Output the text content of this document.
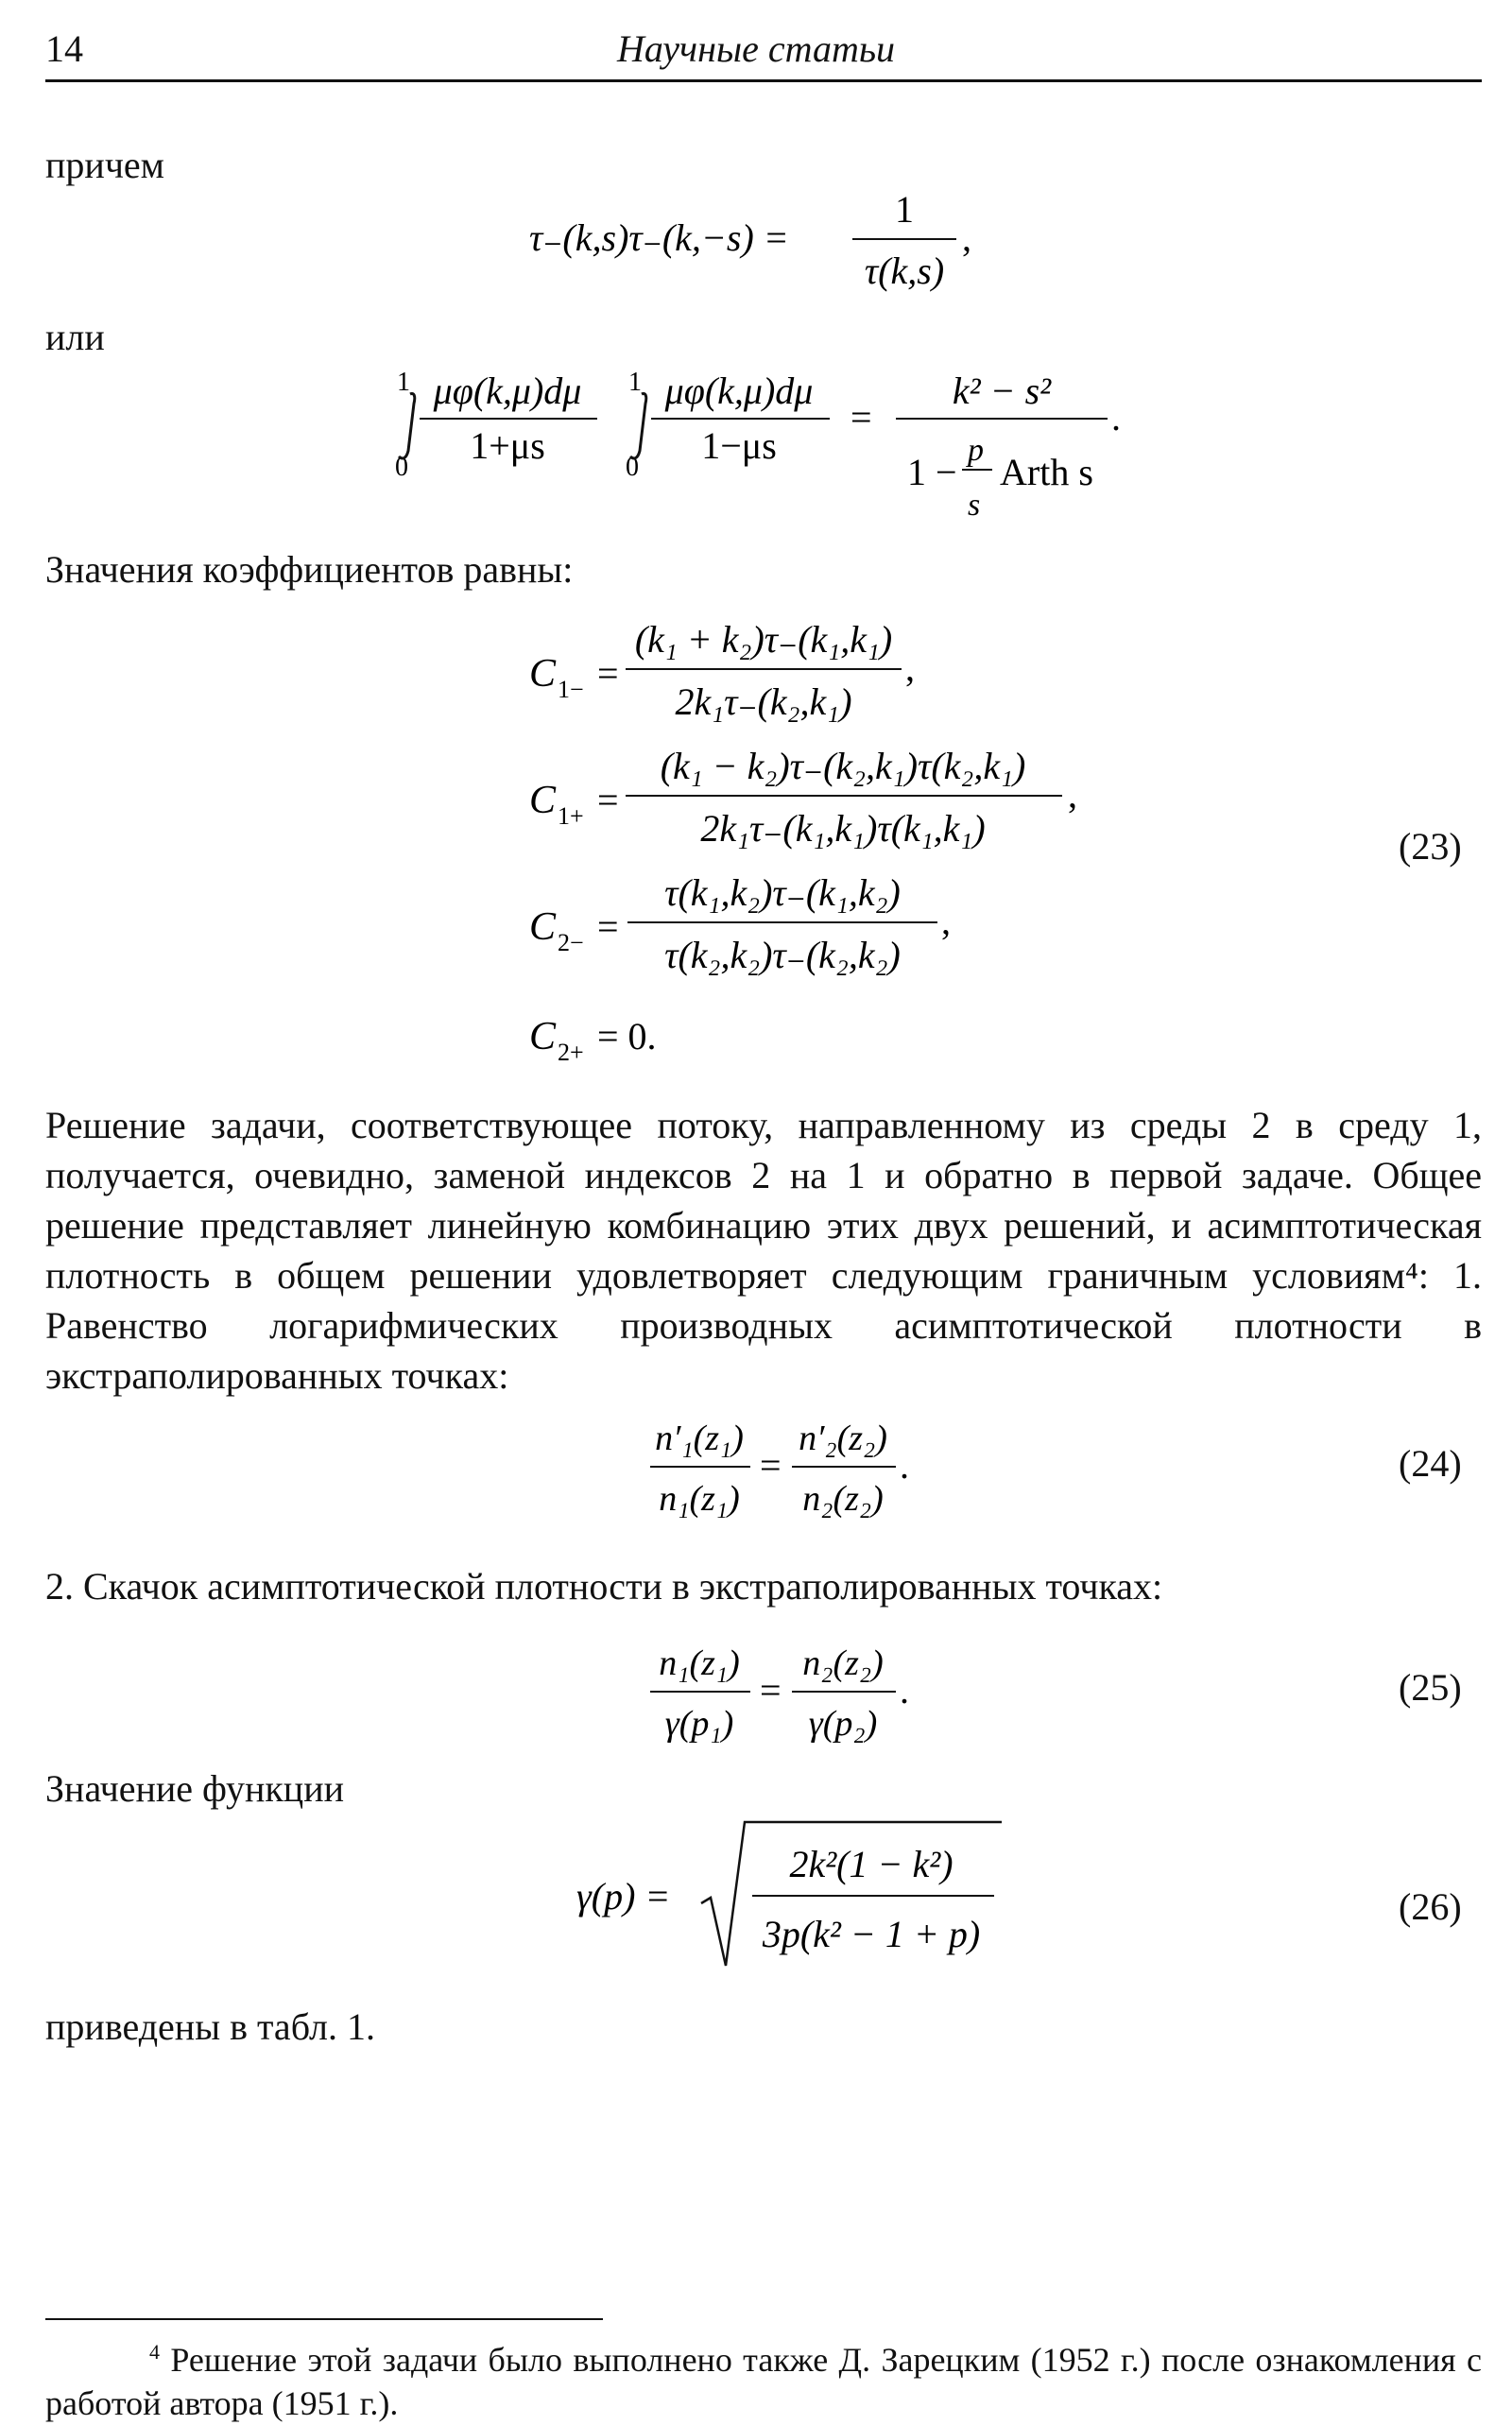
14	Научные статьи
причем
или
Значения коэффициентов равны:
τ₋(k,s)τ₋(k,−s) =
1
τ(k,s)
,
1
0
μφ(k,μ)dμ
1+μs
1
0
μφ(k,μ)dμ
1−μs
=
k² − s²
1 −
p
s
Arth s
.
C 1− =
(k₁ + k₂)τ₋(k₁,k₁)
2k₁τ₋(k₂,k₁)
,
C 1+ =
(k₁ − k₂)τ₋(k₂,k₁)τ(k₂,k₁)
2k₁τ₋(k₁,k₁)τ(k₁,k₁)
,
C 2− =
τ(k₁,k₂)τ₋(k₁,k₂)
τ(k₂,k₂)τ₋(k₂,k₂)
,
C 2+ = 0.
(23)
Решение задачи, соответствующее потоку, направленному из среды 2 в среду 1, получается, очевидно, заменой индексов 2 на 1 и обратно в первой задаче. Общее решение представляет линейную комбинацию этих двух решений, и асимптотическая плотность в общем решении удовлетворяет следующим граничным условиям⁴: 1. Равенство логарифмических производных асимптотической плотности в экстраполированных точках:
n′₁(z₁)
n₁(z₁)
=
n′₂(z₂)
n₂(z₂)
.	(24)
2. Скачок асимптотической плотности в экстраполированных точках:
n₁(z₁)
γ(p₁)
=
n₂(z₂)
γ(p₂)
.	(25)
Значение функции
γ(p) =
2k²(1 − k²)
3p(k² − 1 + p)
(26)
приведены в табл. 1.
$^4$ Решение этой задачи было выполнено также Д. Зарецким (1952 г.) после ознакомления с работой автора (1951 г.).
